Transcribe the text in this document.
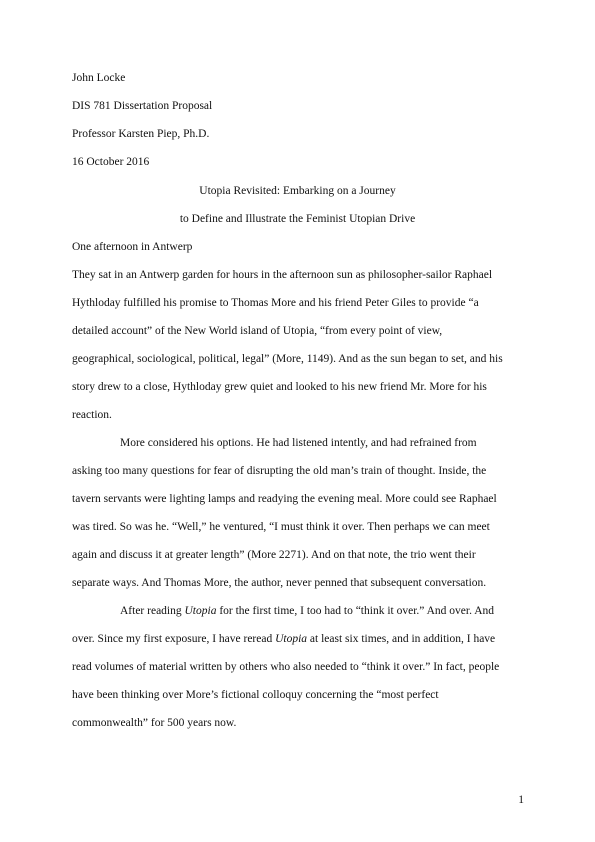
John Locke
DIS 781 Dissertation Proposal
Professor Karsten Piep, Ph.D.
16 October 2016
Utopia Revisited: Embarking on a Journey
to Define and Illustrate the Feminist Utopian Drive
One afternoon in Antwerp
They sat in an Antwerp garden for hours in the afternoon sun as philosopher-sailor Raphael
Hythloday fulfilled his promise to Thomas More and his friend Peter Giles to provide “a
detailed account” of the New World island of Utopia, “from every point of view,
geographical, sociological, political, legal” (More, 1149). And as the sun began to set, and his
story drew to a close, Hythloday grew quiet and looked to his new friend Mr. More for his
reaction.
More considered his options. He had listened intently, and had refrained from
asking too many questions for fear of disrupting the old man’s train of thought. Inside, the
tavern servants were lighting lamps and readying the evening meal. More could see Raphael
was tired. So was he. “Well,” he ventured, “I must think it over. Then perhaps we can meet
again and discuss it at greater length” (More 2271). And on that note, the trio went their
separate ways. And Thomas More, the author, never penned that subsequent conversation.
After reading Utopia for the first time, I too had to “think it over.” And over. And
over. Since my first exposure, I have reread Utopia at least six times, and in addition, I have
read volumes of material written by others who also needed to “think it over.” In fact, people
have been thinking over More’s fictional colloquy concerning the “most perfect
commonwealth” for 500 years now.
1
